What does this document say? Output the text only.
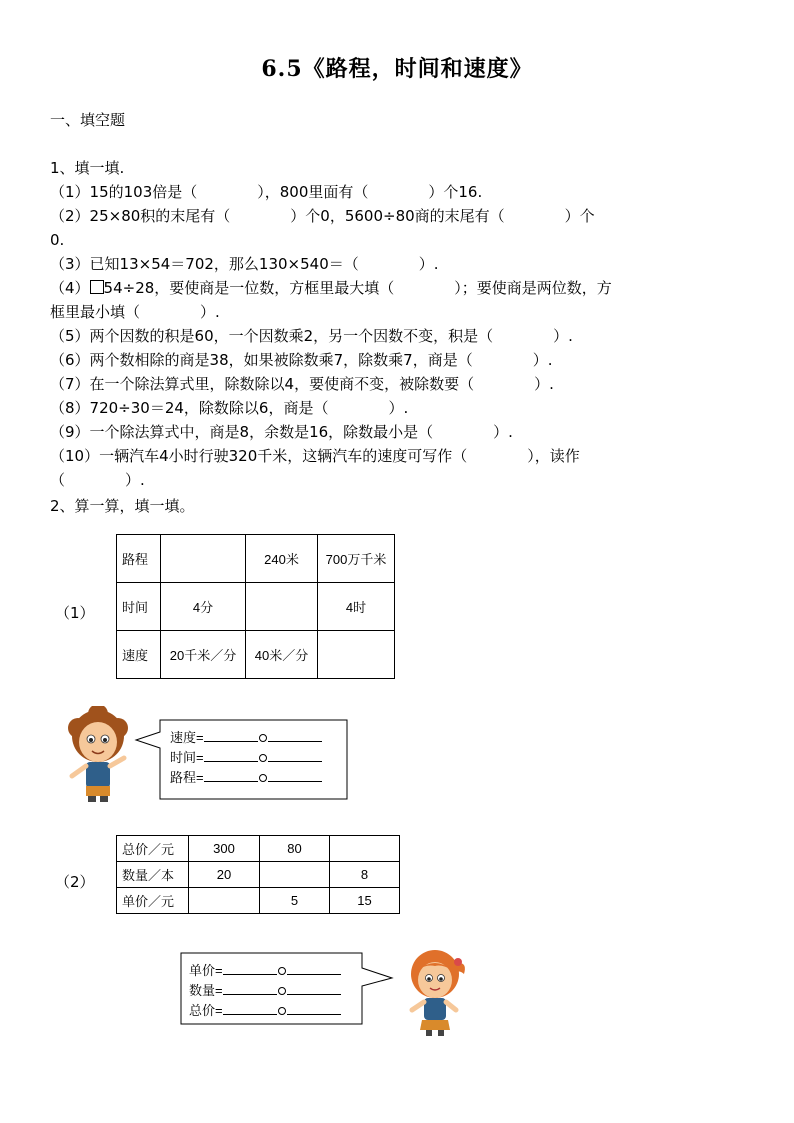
6.5《路程，时间和速度》
一、填空题
1、填一填.
（1）15的103倍是（　　　　），800里面有（　　　　）个16.
（2）25×80积的末尾有（　　　　）个0，5600÷80商的末尾有（　　　　）个
0.
（3）已知13×54＝702，那么130×540＝（　　　　）.
（4） 54÷28，要使商是一位数，方框里最大填（　　　　）；要使商是两位数，方
框里最小填（　　　　）.
（5）两个因数的积是60，一个因数乘2，另一个因数不变，积是（　　　　）.
（6）两个数相除的商是38，如果被除数乘7，除数乘7，商是（　　　　）.
（7）在一个除法算式里，除数除以4，要使商不变，被除数要（　　　　）.
（8）720÷30＝24，除数除以6，商是（　　　　）.
（9）一个除法算式中，商是8，余数是16，除数最小是（　　　　）.
（10）一辆汽车4小时行驶320千米，这辆汽车的速度可写作（　　　　），读作
（　　　　）.
2、算一算，填一填。
（1）
路程		240米	700万千米
时间	4分		4时
速度	20千米／分	40米／分	
速度=
时间=
路程=
（2）
总价／元	300	80	
数量／本	20		8
单价／元		5	15
单价=
数量=
总价=
